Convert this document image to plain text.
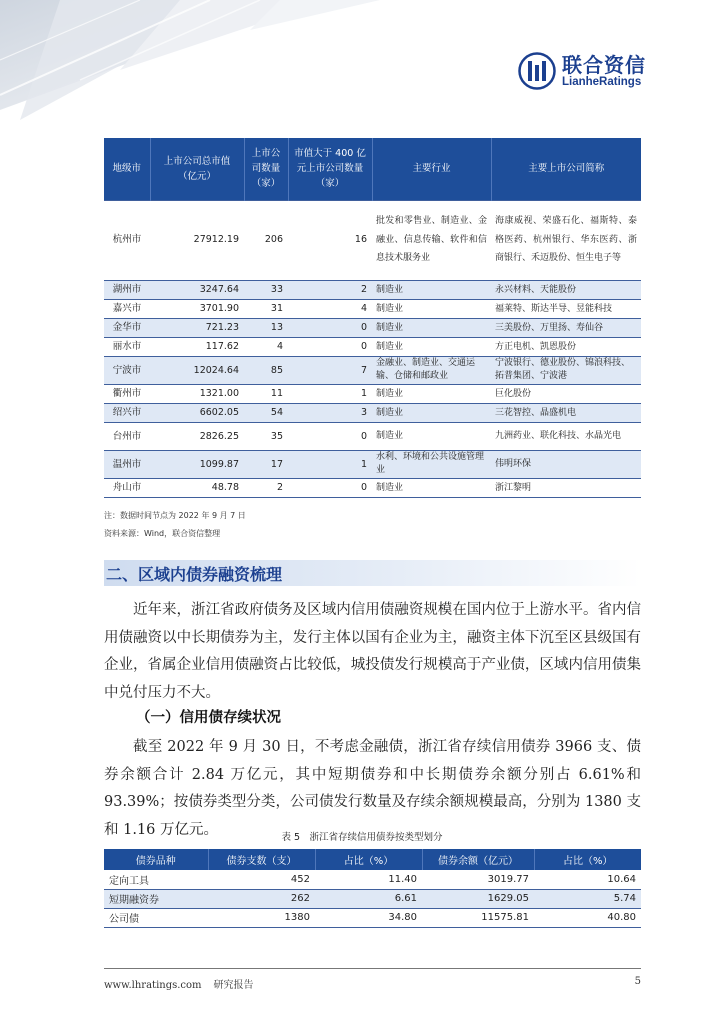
联合资信
LianheRatings
地级市	上市公司总市值（亿元）	上市公司数量（家）	市值大于 400 亿元上市公司数量（家）	主要行业	主要上市公司简称
杭州市	27912.19	206	16	批发和零售业、制造业、金融业、信息传输、软件和信息技术服务业	海康威视、荣盛石化、福斯特、泰格医药、杭州银行、华东医药、浙商银行、禾迈股份、恒生电子等
湖州市	3247.64	33	2	制造业	永兴材料、天能股份
嘉兴市	3701.90	31	4	制造业	福莱特、斯达半导、昱能科技
金华市	721.23	13	0	制造业	三美股份、万里扬、寿仙谷
丽水市	117.62	4	0	制造业	方正电机、凯恩股份
宁波市	12024.64	85	7	金融业、制造业、交通运输、仓储和邮政业	宁波银行、德业股份、锦浪科技、拓普集团、宁波港
衢州市	1321.00	11	1	制造业	巨化股份
绍兴市	6602.05	54	3	制造业	三花智控、晶盛机电
台州市	2826.25	35	0	制造业	九洲药业、联化科技、水晶光电
温州市	1099.87	17	1	水利、环境和公共设施管理业	伟明环保
舟山市	48.78	2	0	制造业	浙江黎明
注：数据时间节点为 2022 年 9 月 7 日
资料来源：Wind，联合资信整理
二、区域内债券融资梳理
近年来，浙江省政府债务及区域内信用债融资规模在国内位于上游水平。省内信用债融资以中长期债券为主，发行主体以国有企业为主，融资主体下沉至区县级国有企业，省属企业信用债融资占比较低，城投债发行规模高于产业债，区域内信用债集中兑付压力不大。
（一）信用债存续状况
截至 2022 年 9 月 30 日，不考虑金融债，浙江省存续信用债券 3966 支、债券余额合计 2.84 万亿元，其中短期债券和中长期债券余额分别占 6.61%和 93.39%；按债券类型分类，公司债发行数量及存续余额规模最高，分别为 1380 支和 1.16 万亿元。	表 5　浙江省存续信用债券按类型划分
债券品种	债券支数（支）	占比（%）	债券余额（亿元）	占比（%）
定向工具	452	11.40	3019.77	10.64
短期融资券	262	6.61	1629.05	5.74
公司债	1380	34.80	11575.81	40.80
www.lhratings.com 研究报告	5
